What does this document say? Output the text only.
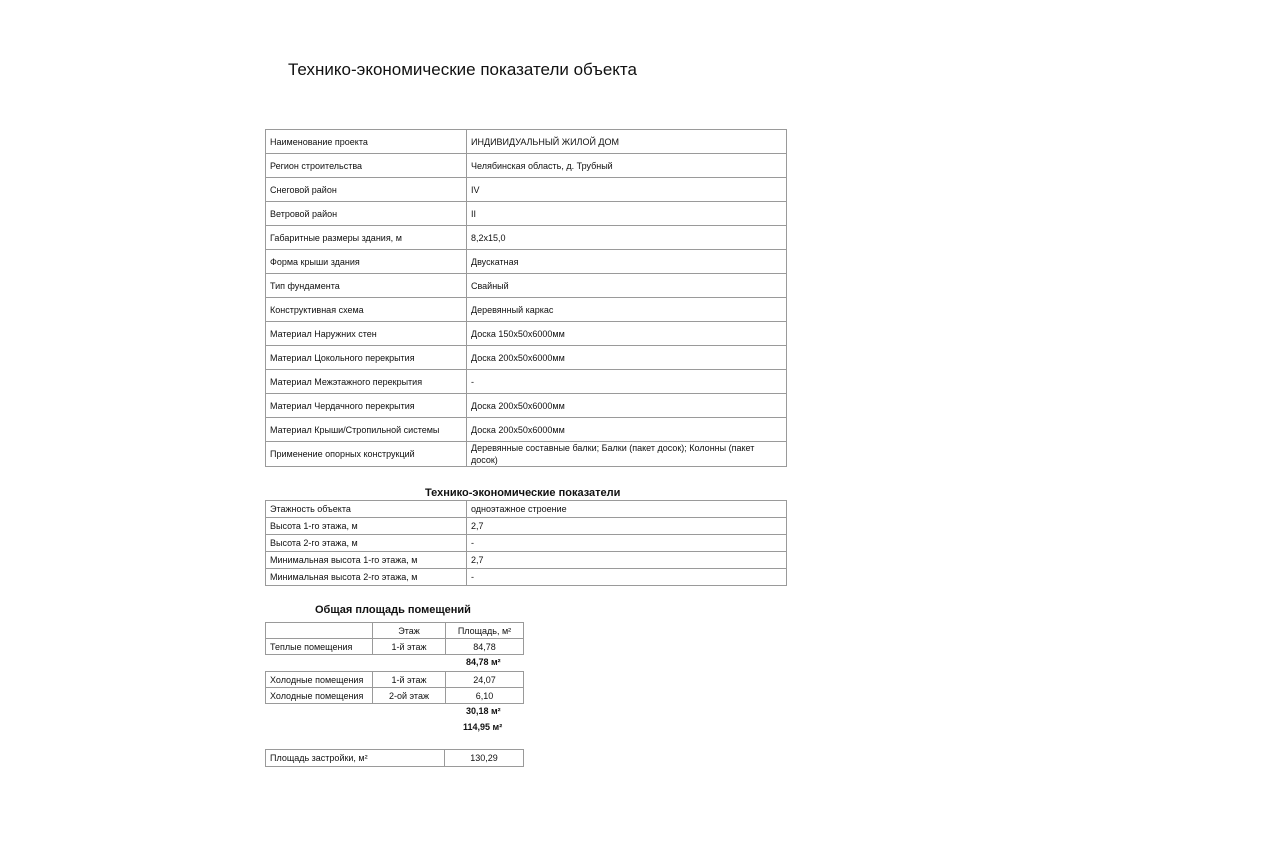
Технико-экономические показатели объекта
Наименование проекта	ИНДИВИДУАЛЬНЫЙ ЖИЛОЙ ДОМ
Регион строительства	Челябинская область, д. Трубный
Снеговой район	IV
Ветровой район	II
Габаритные размеры здания, м	8,2x15,0
Форма крыши здания	Двускатная
Тип фундамента	Свайный
Конструктивная схема	Деревянный каркас
Материал Наружних стен	Доска 150x50x6000мм
Материал Цокольного перекрытия	Доска 200x50x6000мм
Материал Межэтажного перекрытия	-
Материал Чердачного перекрытия	Доска 200x50x6000мм
Материал Крыши/Стропильной системы	Доска 200x50x6000мм
Применение опорных конструкций	Деревянные составные балки; Балки (пакет досок); Колонны (пакет досок)
Технико-экономические показатели
Этажность объекта	одноэтажное строение
Высота 1-го этажа, м	2,7
Высота 2-го этажа, м	-
Минимальная высота 1-го этажа, м	2,7
Минимальная высота 2-го этажа, м	-
Общая площадь помещений
	Этаж	Площадь, м²
Теплые помещения	1-й этаж	84,78
84,78 м²
Холодные помещения	1-й этаж	24,07
Холодные помещения	2-ой этаж	6,10
30,18 м²
114,95 м²
Площадь застройки, м²	130,29
